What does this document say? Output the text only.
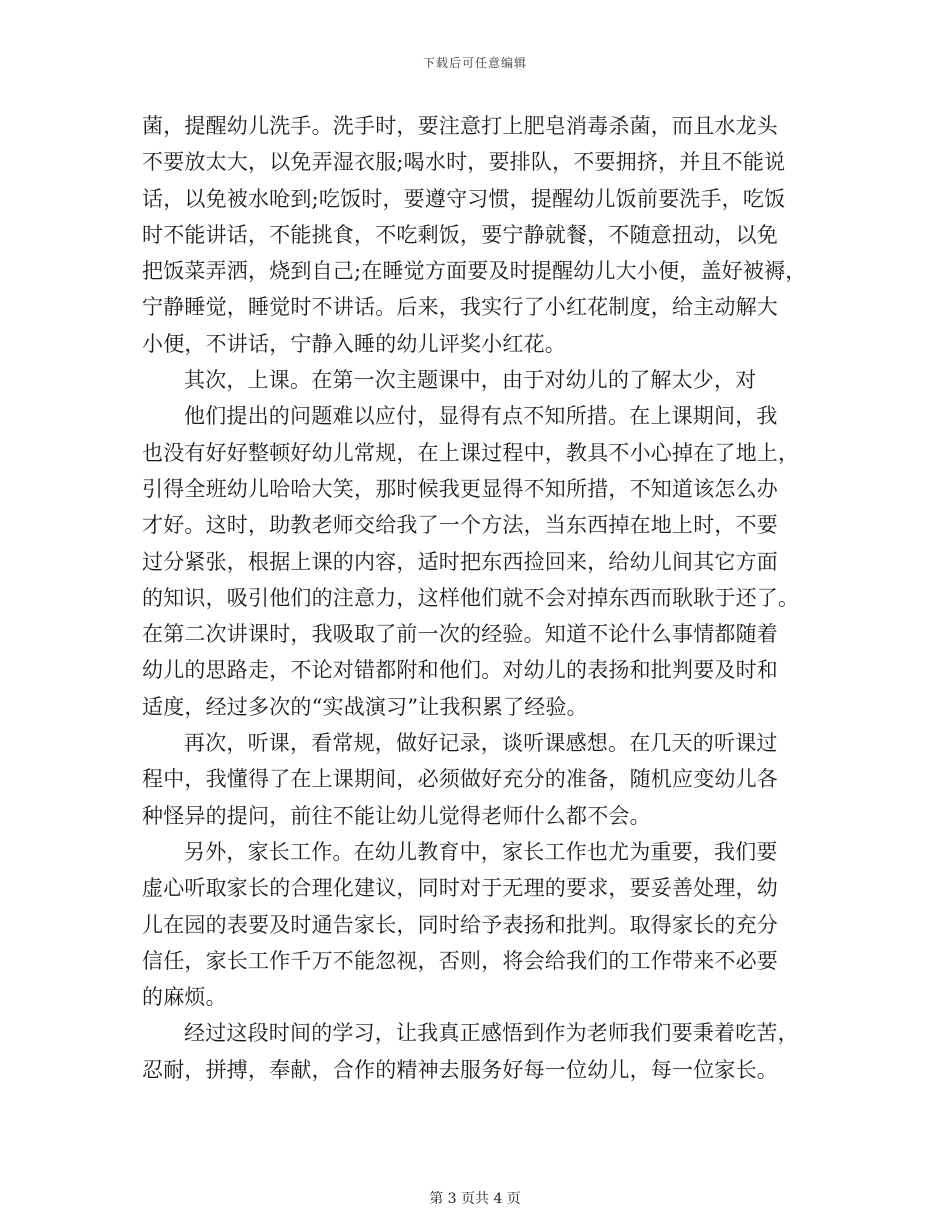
下载后可任意编辑
菌，提醒幼儿洗手。洗手时，要注意打上肥皂消毒杀菌，而且水龙头
不要放太大，以免弄湿衣服;喝水时，要排队，不要拥挤，并且不能说
话，以免被水呛到;吃饭时，要遵守习惯，提醒幼儿饭前要洗手，吃饭
时不能讲话，不能挑食，不吃剩饭，要宁静就餐，不随意扭动，以免
把饭菜弄洒，烧到自己;在睡觉方面要及时提醒幼儿大小便，盖好被褥，
宁静睡觉，睡觉时不讲话。后来，我实行了小红花制度，给主动解大
小便，不讲话，宁静入睡的幼儿评奖小红花。
其次，上课。在第一次主题课中，由于对幼儿的了解太少，对
他们提出的问题难以应付，显得有点不知所措。在上课期间，我
也没有好好整顿好幼儿常规，在上课过程中，教具不小心掉在了地上，
引得全班幼儿哈哈大笑，那时候我更显得不知所措，不知道该怎么办
才好。这时，助教老师交给我了一个方法，当东西掉在地上时，不要
过分紧张，根据上课的内容，适时把东西捡回来，给幼儿间其它方面
的知识，吸引他们的注意力，这样他们就不会对掉东西而耿耿于还了。
在第二次讲课时，我吸取了前一次的经验。知道不论什么事情都随着
幼儿的思路走，不论对错都附和他们。对幼儿的表扬和批判要及时和
适度，经过多次的“实战演习”让我积累了经验。
再次，听课，看常规，做好记录，谈听课感想。在几天的听课过
程中，我懂得了在上课期间，必须做好充分的准备，随机应变幼儿各
种怪异的提问，前往不能让幼儿觉得老师什么都不会。
另外，家长工作。在幼儿教育中，家长工作也尤为重要，我们要
虚心听取家长的合理化建议，同时对于无理的要求，要妥善处理，幼
儿在园的表要及时通告家长，同时给予表扬和批判。取得家长的充分
信任，家长工作千万不能忽视，否则，将会给我们的工作带来不必要
的麻烦。
经过这段时间的学习，让我真正感悟到作为老师我们要秉着吃苦，
忍耐，拼搏，奉献，合作的精神去服务好每一位幼儿，每一位家长。
第 3 页共 4 页
